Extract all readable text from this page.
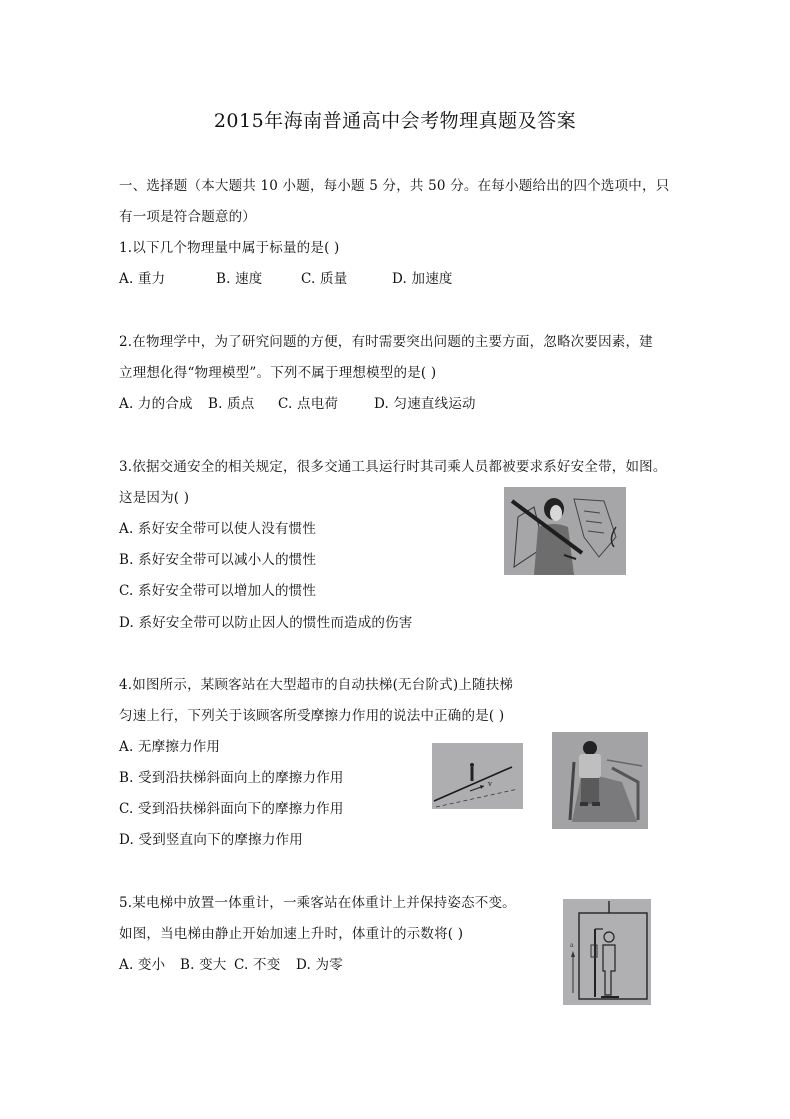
2015年海南普通高中会考物理真题及答案
一、选择题（本大题共 10 小题，每小题 5 分，共 50 分。在每小题给出的四个选项中，只
有一项是符合题意的）
1.以下几个物理量中属于标量的是( )
A. 重力	B. 速度	C. 质量	D. 加速度
2.在物理学中，为了研究问题的方便，有时需要突出问题的主要方面，忽略次要因素，建
立理想化得“物理模型”。下列不属于理想模型的是( )
A. 力的合成 B. 质点 C. 点电荷	D. 匀速直线运动
3.依据交通安全的相关规定，很多交通工具运行时其司乘人员都被要求系好安全带，如图。
这是因为( )
A. 系好安全带可以使人没有惯性
B. 系好安全带可以减小人的惯性
C. 系好安全带可以增加人的惯性
D. 系好安全带可以防止因人的惯性而造成的伤害
4.如图所示，某顾客站在大型超市的自动扶梯(无台阶式)上随扶梯
匀速上行，下列关于该顾客所受摩擦力作用的说法中正确的是( )
A. 无摩擦力作用
B. 受到沿扶梯斜面向上的摩擦力作用
C. 受到沿扶梯斜面向下的摩擦力作用
D. 受到竖直向下的摩擦力作用
v
5.某电梯中放置一体重计，一乘客站在体重计上并保持姿态不变。
如图，当电梯由静止开始加速上升时，体重计的示数将( )
A. 变小 B. 变大 C. 不变 D. 为零
a
